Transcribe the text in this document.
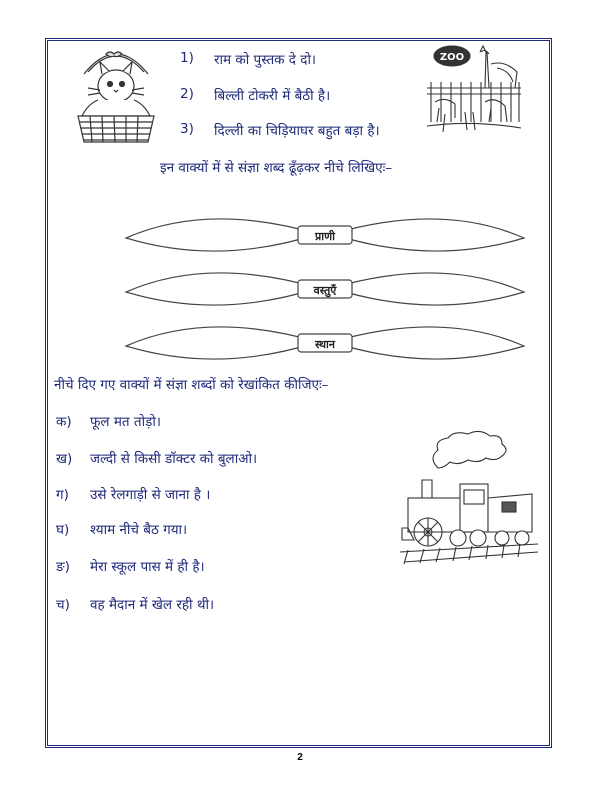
ZOO
1) राम को पुस्तक दे दो।
2) बिल्ली टोकरी में बैठी है।
3) दिल्ली का चिड़ियाघर बहुत बड़ा है।
इन वाक्यों में से संज्ञा शब्द ढूँढ़कर नीचे लिखिएः–
प्राणी
वस्तुएँ
स्थान
नीचे दिए गए वाक्यों में संज्ञा शब्दों को रेखांकित कीजिएः–
क) फूल मत तोड़ो।
ख) जल्दी से किसी डॉक्टर को बुलाओ।
ग) उसे रेलगाड़ी से जाना है ।
घ) श्याम नीचे बैठ गया।
ङ) मेरा स्कूल पास में ही है।
च) वह मैदान में खेल रही थी।
2
